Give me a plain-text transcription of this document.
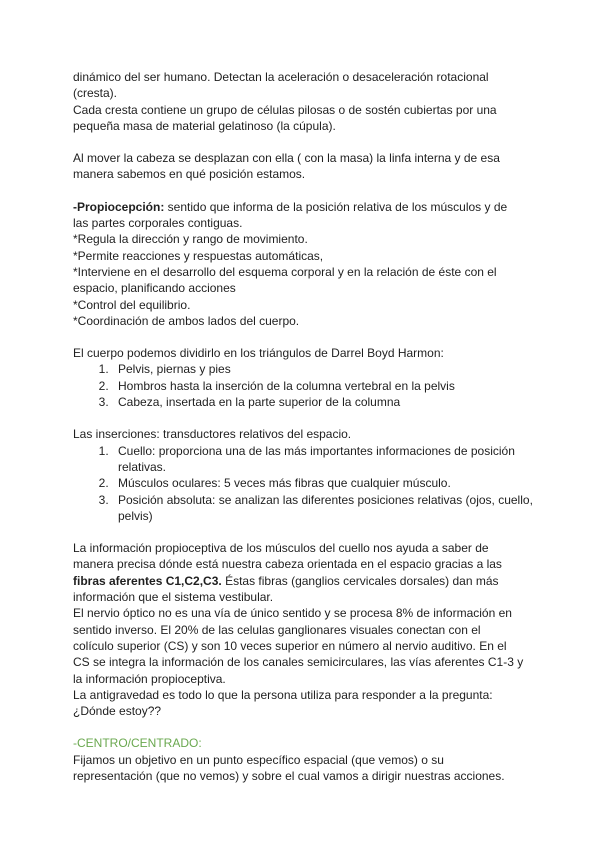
dinámico del ser humano. Detectan la aceleración o desaceleración rotacional
(cresta).
Cada cresta contiene un grupo de células pilosas o de sostén cubiertas por una
pequeña masa de material gelatinoso (la cúpula).

Al mover la cabeza se desplazan con ella ( con la masa) la linfa interna y de esa
manera sabemos en qué posición estamos.

-Propiocepción: sentido que informa de la posición relativa de los músculos y de
las partes corporales contiguas.

*Regula la dirección y rango de movimiento.

*Permite reacciones y respuestas automáticas,

*Interviene en el desarrollo del esquema corporal y en la relación de éste con el
espacio, planificando acciones

*Control del equilibrio.

*Coordinación de ambos lados del cuerpo.

El cuerpo podemos dividirlo en los triángulos de Darrel Boyd Harmon:

1. Pelvis, piernas y pies
2. Hombros hasta la inserción de la columna vertebral en la pelvis
3. Cabeza, insertada en la parte superior de la columna

Las inserciones: transductores relativos del espacio.

1. Cuello: proporciona una de las más importantes informaciones de posición
relativas.
2. Músculos oculares: 5 veces más fibras que cualquier músculo.
3. Posición absoluta: se analizan las diferentes posiciones relativas (ojos, cuello,
pelvis)

La información propioceptiva de los músculos del cuello nos ayuda a saber de
manera precisa dónde está nuestra cabeza orientada en el espacio gracias a las
fibras aferentes C1,C2,C3. Éstas fibras (ganglios cervicales dorsales) dan más
información que el sistema vestibular.

El nervio óptico no es una vía de único sentido y se procesa 8% de información en
sentido inverso. El 20% de las celulas ganglionares visuales conectan con el
colículo superior (CS) y son 10 veces superior en número al nervio auditivo. En el
CS se integra la información de los canales semicirculares, las vías aferentes C1-3 y
la información propioceptiva.

La antigravedad es todo lo que la persona utiliza para responder a la pregunta:
¿Dónde estoy??

-CENTRO/CENTRADO:

Fijamos un objetivo en un punto específico espacial (que vemos) o su
representación (que no vemos) y sobre el cual vamos a dirigir nuestras acciones.
